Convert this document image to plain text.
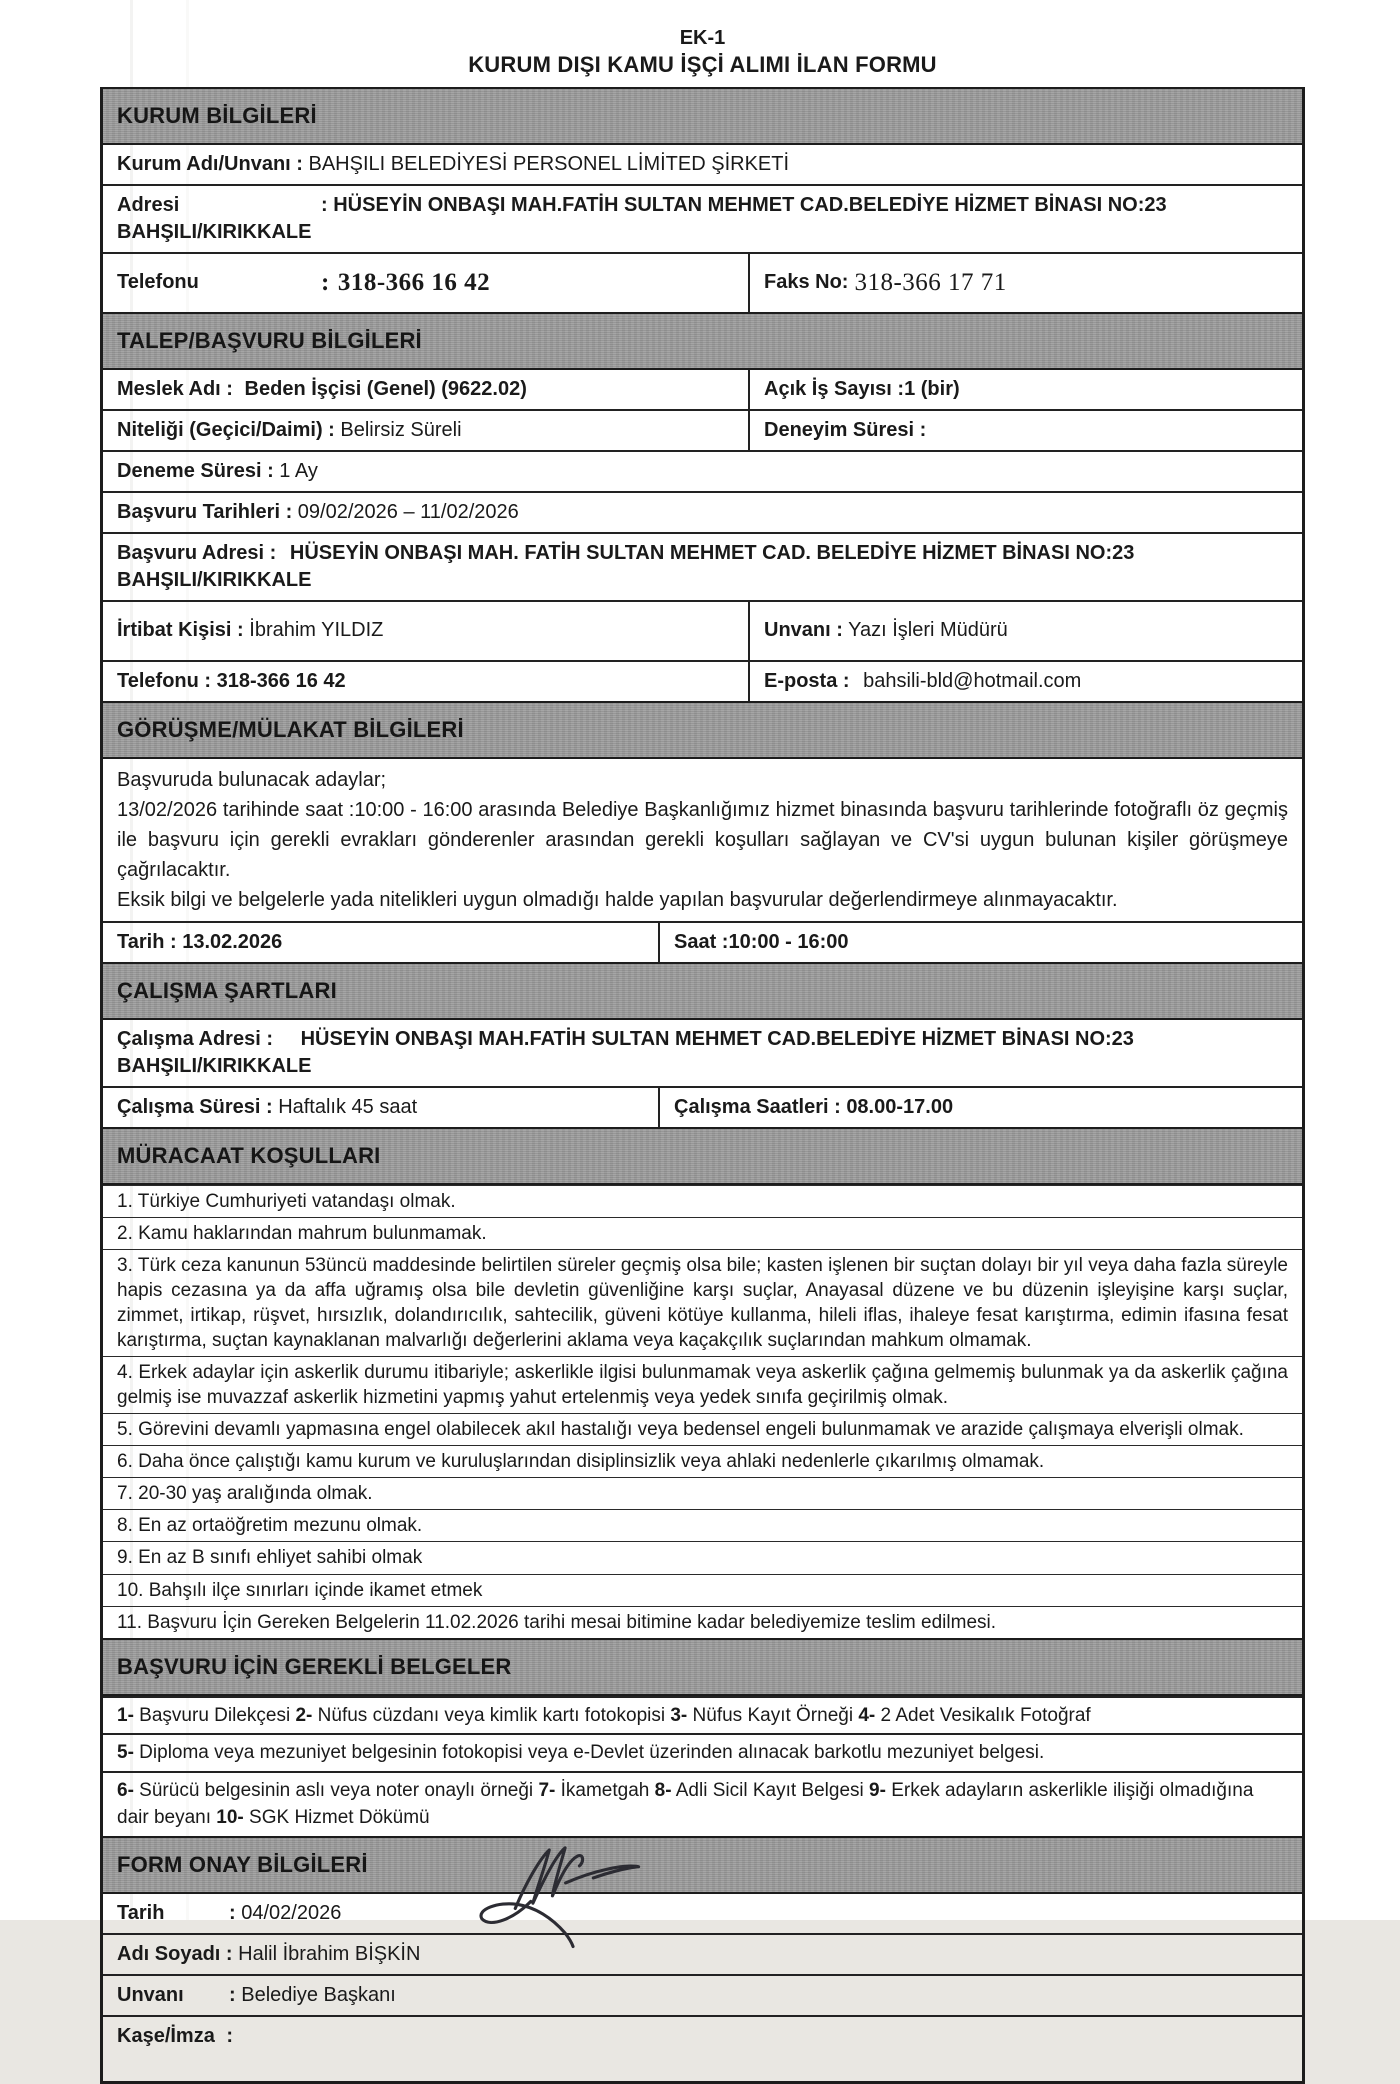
EK-1
KURUM DIŞI KAMU İŞÇİ ALIMI İLAN FORMU
KURUM BİLGİLERİ
Kurum Adı/Unvanı : BAHŞILI BELEDİYESİ PERSONEL LİMİTED ŞİRKETİ
Adresi	: HÜSEYİN ONBAŞI MAH.FATİH SULTAN MEHMET CAD.BELEDİYE HİZMET BİNASI NO:23
BAHŞILI/KIRIKKALE
Telefonu	: 318-366 16 42	Faks No: 318-366 17 71
TALEP/BAŞVURU BİLGİLERİ
Meslek Adı : Beden İşçisi (Genel) (9622.02)	Açık İş Sayısı :1 (bir)
Niteliği (Geçici/Daimi) : Belirsiz Süreli	Deneyim Süresi :
Deneme Süresi : 1 Ay
Başvuru Tarihleri : 09/02/2026 – 11/02/2026
Başvuru Adresi : HÜSEYİN ONBAŞI MAH. FATİH SULTAN MEHMET CAD. BELEDİYE HİZMET BİNASI NO:23
BAHŞILI/KIRIKKALE
İrtibat Kişisi : İbrahim YILDIZ	Unvanı : Yazı İşleri Müdürü
Telefonu : 318-366 16 42	E-posta : bahsili-bld@hotmail.com
GÖRÜŞME/MÜLAKAT BİLGİLERİ
Başvuruda bulunacak adaylar;
13/02/2026 tarihinde saat :10:00 - 16:00 arasında Belediye Başkanlığımız hizmet binasında başvuru tarihlerinde fotoğraflı öz geçmiş ile başvuru için gerekli evrakları gönderenler arasından gerekli koşulları sağlayan ve CV'si uygun bulunan kişiler görüşmeye çağrılacaktır.
Eksik bilgi ve belgelerle yada nitelikleri uygun olmadığı halde yapılan başvurular değerlendirmeye alınmayacaktır.
Tarih : 13.02.2026	Saat :10:00 - 16:00
ÇALIŞMA ŞARTLARI
Çalışma Adresi : HÜSEYİN ONBAŞI MAH.FATİH SULTAN MEHMET CAD.BELEDİYE HİZMET BİNASI NO:23
BAHŞILI/KIRIKKALE
Çalışma Süresi : Haftalık 45 saat	Çalışma Saatleri : 08.00-17.00
MÜRACAAT KOŞULLARI
1. Türkiye Cumhuriyeti vatandaşı olmak.
2. Kamu haklarından mahrum bulunmamak.
3. Türk ceza kanunun 53üncü maddesinde belirtilen süreler geçmiş olsa bile; kasten işlenen bir suçtan dolayı bir yıl veya daha fazla süreyle hapis cezasına ya da affa uğramış olsa bile devletin güvenliğine karşı suçlar, Anayasal düzene ve bu düzenin işleyişine karşı suçlar, zimmet, irtikap, rüşvet, hırsızlık, dolandırıcılık, sahtecilik, güveni kötüye kullanma, hileli iflas, ihaleye fesat karıştırma, edimin ifasına fesat karıştırma, suçtan kaynaklanan malvarlığı değerlerini aklama veya kaçakçılık suçlarından mahkum olmamak.
4. Erkek adaylar için askerlik durumu itibariyle; askerlikle ilgisi bulunmamak veya askerlik çağına gelmemiş bulunmak ya da askerlik çağına gelmiş ise muvazzaf askerlik hizmetini yapmış yahut ertelenmiş veya yedek sınıfa geçirilmiş olmak.
5. Görevini devamlı yapmasına engel olabilecek akıl hastalığı veya bedensel engeli bulunmamak ve arazide çalışmaya elverişli olmak.
6. Daha önce çalıştığı kamu kurum ve kuruluşlarından disiplinsizlik veya ahlaki nedenlerle çıkarılmış olmamak.
7. 20-30 yaş aralığında olmak.
8. En az ortaöğretim mezunu olmak.
9. En az B sınıfı ehliyet sahibi olmak
10. Bahşılı ilçe sınırları içinde ikamet etmek
11. Başvuru İçin Gereken Belgelerin 11.02.2026 tarihi mesai bitimine kadar belediyemize teslim edilmesi.
BAŞVURU İÇİN GEREKLİ BELGELER
1- Başvuru Dilekçesi 2- Nüfus cüzdanı veya kimlik kartı fotokopisi 3- Nüfus Kayıt Örneği 4- 2 Adet Vesikalık Fotoğraf
5- Diploma veya mezuniyet belgesinin fotokopisi veya e-Devlet üzerinden alınacak barkotlu mezuniyet belgesi.
6- Sürücü belgesinin aslı veya noter onaylı örneği 7- İkametgah 8- Adli Sicil Kayıt Belgesi 9- Erkek adayların askerlikle ilişiği olmadığına dair beyanı 10- SGK Hizmet Dökümü
FORM ONAY BİLGİLERİ
Tarih	: 04/02/2026
Adı Soyadı : Halil İbrahim BİŞKİN
Unvanı : Belediye Başkanı
Kaşe/İmza :
